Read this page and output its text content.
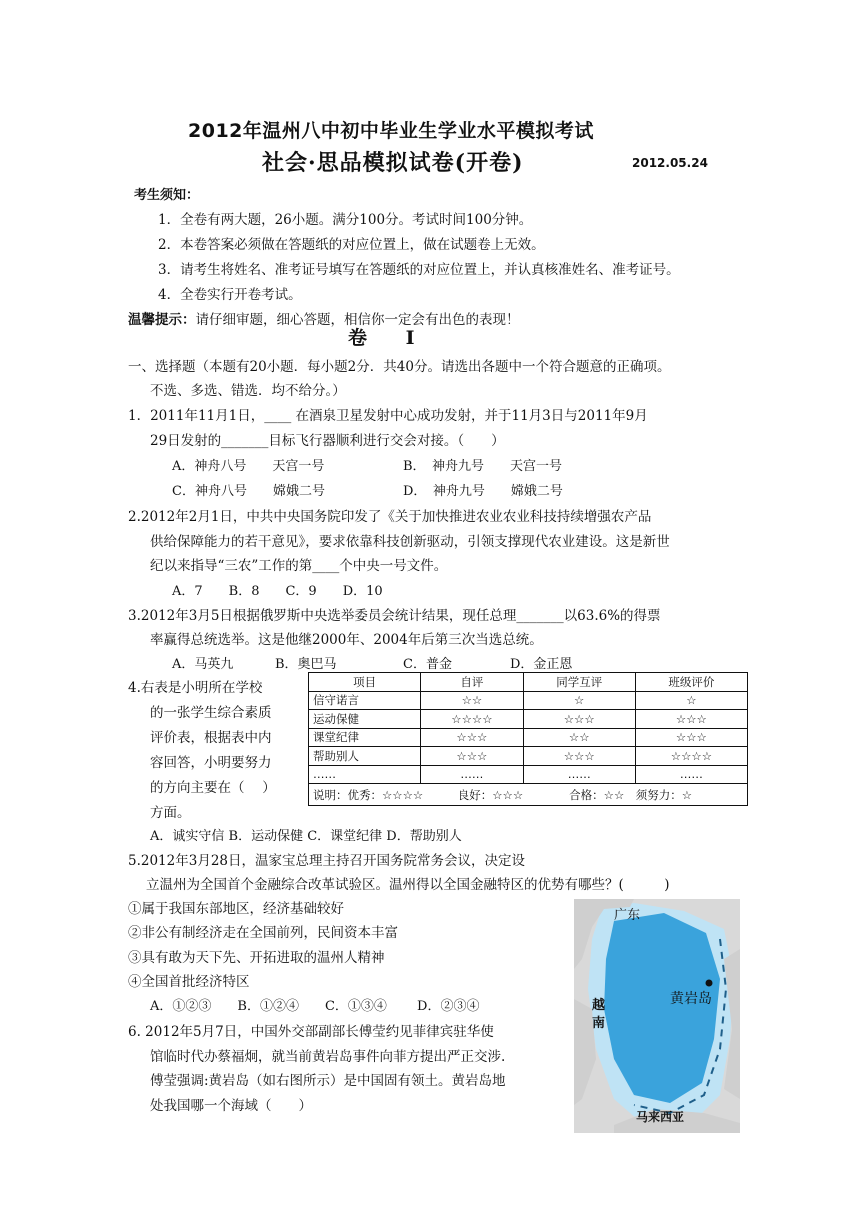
2012年温州八中初中毕业生学业水平模拟考试
社会·思品模拟试卷(开卷)	2012.05.24
考生须知：
1．全卷有两大题，26小题。满分100分。考试时间100分钟。
2．本卷答案必须做在答题纸的对应位置上，做在试题卷上无效。
3．请考生将姓名、准考证号填写在答题纸的对应位置上，并认真核准姓名、准考证号。
4．全卷实行开卷考试。
温馨提示：请仔细审题，细心答题，相信你一定会有出色的表现！
卷 Ⅰ
一、选择题（本题有20小题．每小题2分．共40分。请选出各题中一个符合题意的正确项。
不选、多选、错选．均不给分。）
1．2011年11月1日，____ 在酒泉卫星发射中心成功发射，并于11月3日与2011年9月
29日发射的_______目标飞行器顺利进行交会对接。（　　）
A．神舟八号　　天宫一号	B．　神舟九号　　天宫一号
C．神舟八号　　嫦娥二号	D．　神舟九号　　嫦娥二号
2.2012年2月1日，中共中央国务院印发了《关于加快推进农业农业科技持续增强农产品
供给保障能力的若干意见》，要求依靠科技创新驱动，引领支撑现代农业建设。这是新世
纪以来指导“三农”工作的第____个中央一号文件。
A．7　　B．8　　C．9　　D．10
3.2012年3月5日根据俄罗斯中央选举委员会统计结果，现任总理_______以63.6%的得票
率赢得总统选举。这是他继2000年、2004年后第三次当选总统。
A．马英九	B．奥巴马	C．普金	D．金正恩
4.右表是小明所在学校
的一张学生综合素质
评价表，根据表中内
容回答，小明要努力
的方向主要在（　 ）
方面。
项目	自评	同学互评	班级评价
信守诺言	☆☆	☆	☆
运动保健	☆☆☆☆	☆☆☆	☆☆☆
课堂纪律	☆☆☆	☆☆	☆☆☆
帮助别人	☆☆☆	☆☆☆	☆☆☆☆
……	……	……	……
说明：优秀：☆☆☆☆　　　良好：☆☆☆　　　　合格：☆☆　须努力：☆			
A．诚实守信 B．运动保健 C．课堂纪律 D．帮助别人
5.2012年3月28日，温家宝总理主持召开国务院常务会议，决定设
立温州为全国首个金融综合改革试验区。温州得以全国金融特区的优势有哪些？(　　　)
①属于我国东部地区，经济基础较好
②非公有制经济走在全国前列，民间资本丰富
③具有敢为天下先、开拓进取的温州人精神
④全国首批经济特区
A．①②③　　B．①②④　　C．①③④　　 D．②③④
6. 2012年5月7日，中国外交部副部长傅莹约见菲律宾驻华使
馆临时代办蔡福炯，就当前黄岩岛事件向菲方提出严正交涉.
傅莹强调:黄岩岛（如右图所示）是中国固有领土。黄岩岛地
处我国哪一个海域（　　）
广东
黄岩岛
越
南
马来西亚
